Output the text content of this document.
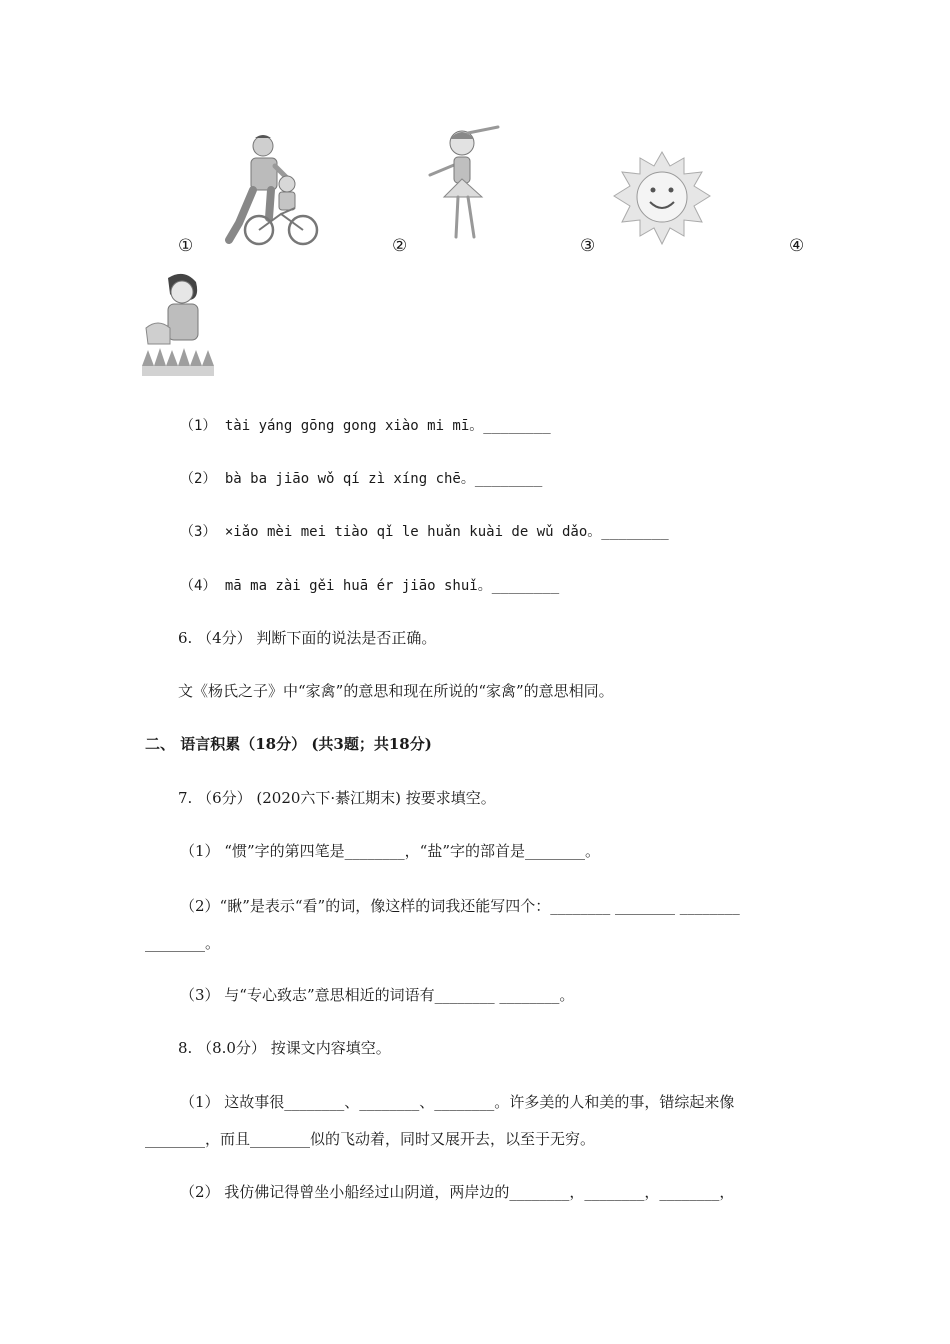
①	②	③	④
（1） tài yáng gōng gong xiào mi mī。________
（2） bà ba jiāo wǒ qí zì xíng chē。________
（3） ×iǎo mèi mei tiào qǐ le huǎn kuài de wǔ dǎo。________
（4） mā ma zài gěi huā ér jiāo shuǐ。________
6. （4分） 判断下面的说法是否正确。
文《杨氏之子》中“家禽”的意思和现在所说的“家禽”的意思相同。
二、 语言积累（18分） (共3题；共18分)
7. （6分） (2020六下·綦江期末) 按要求填空。
（1） “惯”字的第四笔是________，“盐”字的部首是________。
（2）“瞅”是表示“看”的词，像这样的词我还能写四个：________ ________ ________
________。
（3） 与“专心致志”意思相近的词语有________ ________。
8. （8.0分） 按课文内容填空。
（1） 这故事很________、________、________。许多美的人和美的事，错综起来像
________，而且________似的飞动着，同时又展开去，以至于无穷。
（2） 我仿佛记得曾坐小船经过山阴道，两岸边的________，________，________，
